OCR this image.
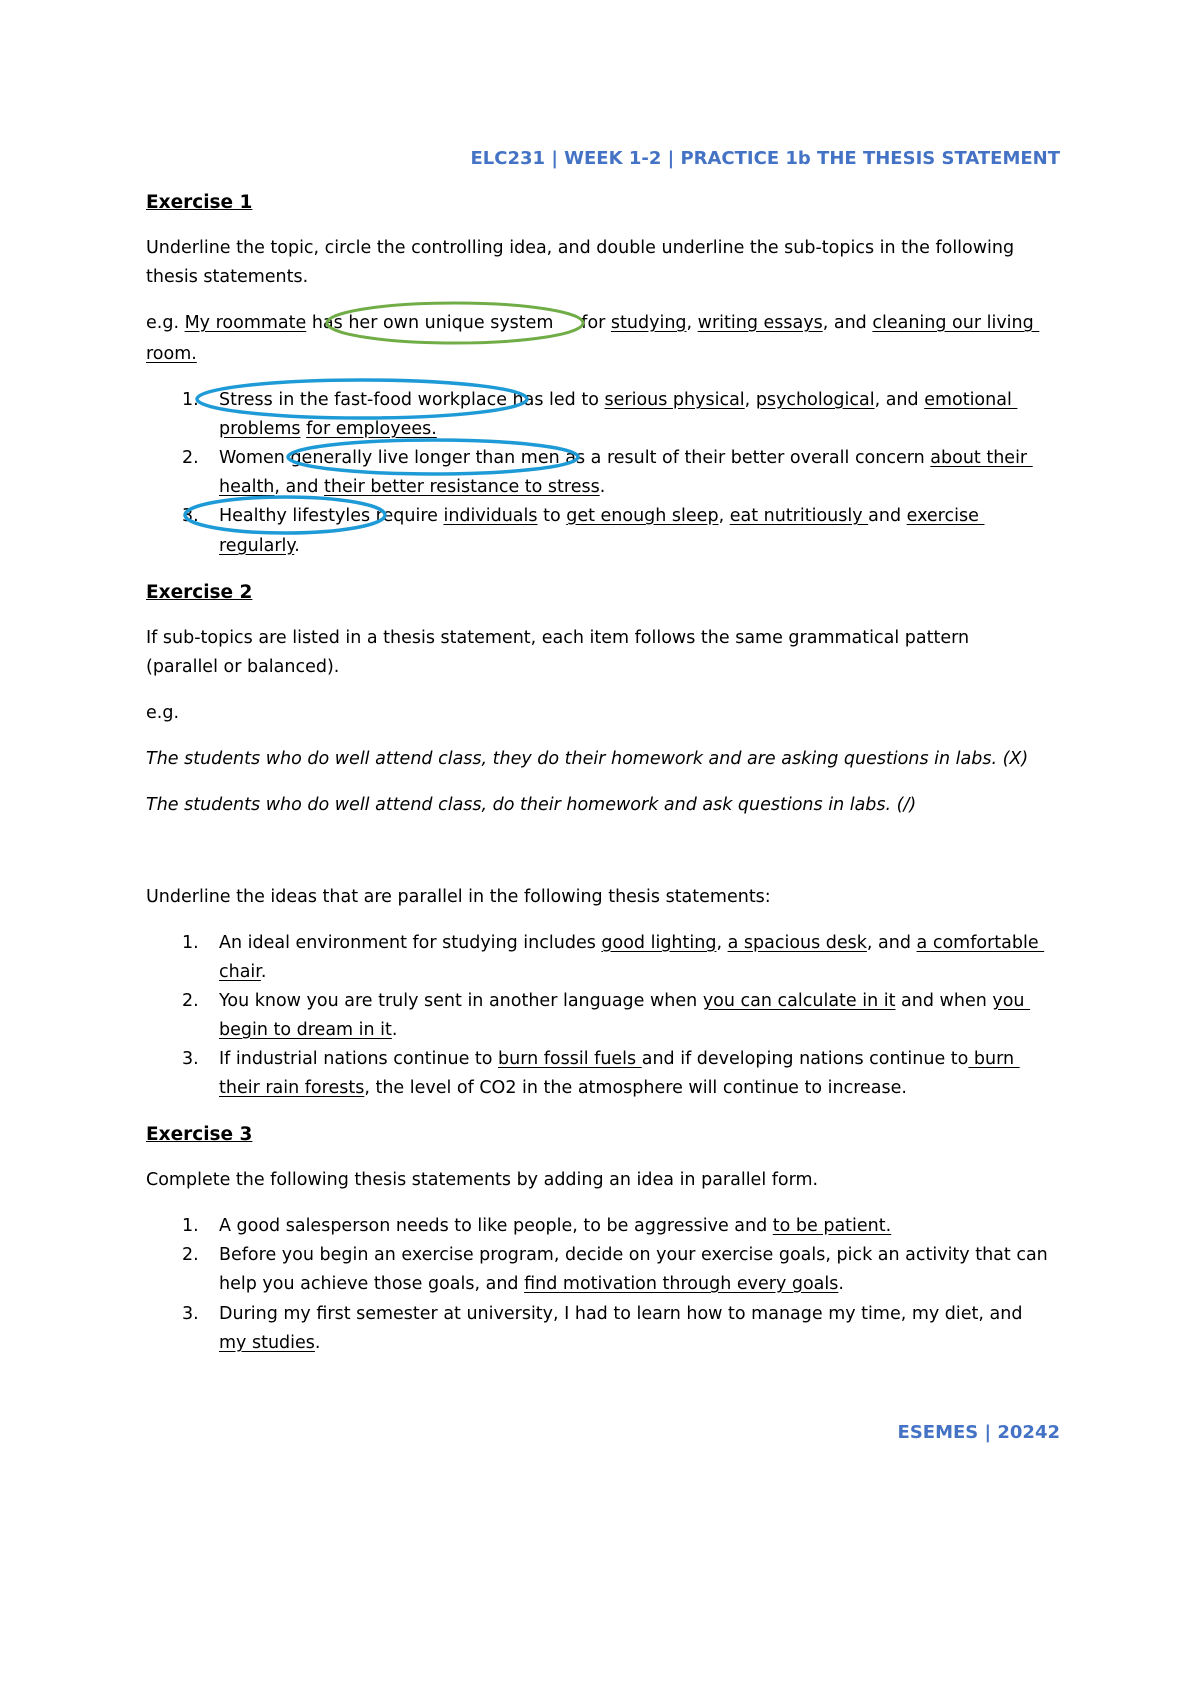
ELC231 | WEEK 1-2 | PRACTICE 1b THE THESIS STATEMENT
Exercise 1
Underline the topic, circle the controlling idea, and double underline the sub-topics in the following
thesis statements.
e.g. My roommate has her own unique system     for studying, writing essays, and cleaning our living
room.
1. Stress in the fast-food workplace has led to serious physical, psychological, and emotional
problems for employees.
2. Women generally live longer than men as a result of their better overall concern about their
health, and their better resistance to stress.
3. Healthy lifestyles require individuals to get enough sleep, eat nutritiously and exercise
regularly.
Exercise 2
If sub-topics are listed in a thesis statement, each item follows the same grammatical pattern
(parallel or balanced).
e.g.
The students who do well attend class, they do their homework and are asking questions in labs. (X)
The students who do well attend class, do their homework and ask questions in labs. (/)
Underline the ideas that are parallel in the following thesis statements:
1. An ideal environment for studying includes good lighting, a spacious desk, and a comfortable
chair.
2. You know you are truly sent in another language when you can calculate in it and when you
begin to dream in it.
3. If industrial nations continue to burn fossil fuels and if developing nations continue to burn
their rain forests, the level of CO2 in the atmosphere will continue to increase.
Exercise 3
Complete the following thesis statements by adding an idea in parallel form.
1. A good salesperson needs to like people, to be aggressive and to be patient.
2. Before you begin an exercise program, decide on your exercise goals, pick an activity that can
help you achieve those goals, and find motivation through every goals.
3. During my first semester at university, I had to learn how to manage my time, my diet, and
my studies.
ESEMES | 20242
